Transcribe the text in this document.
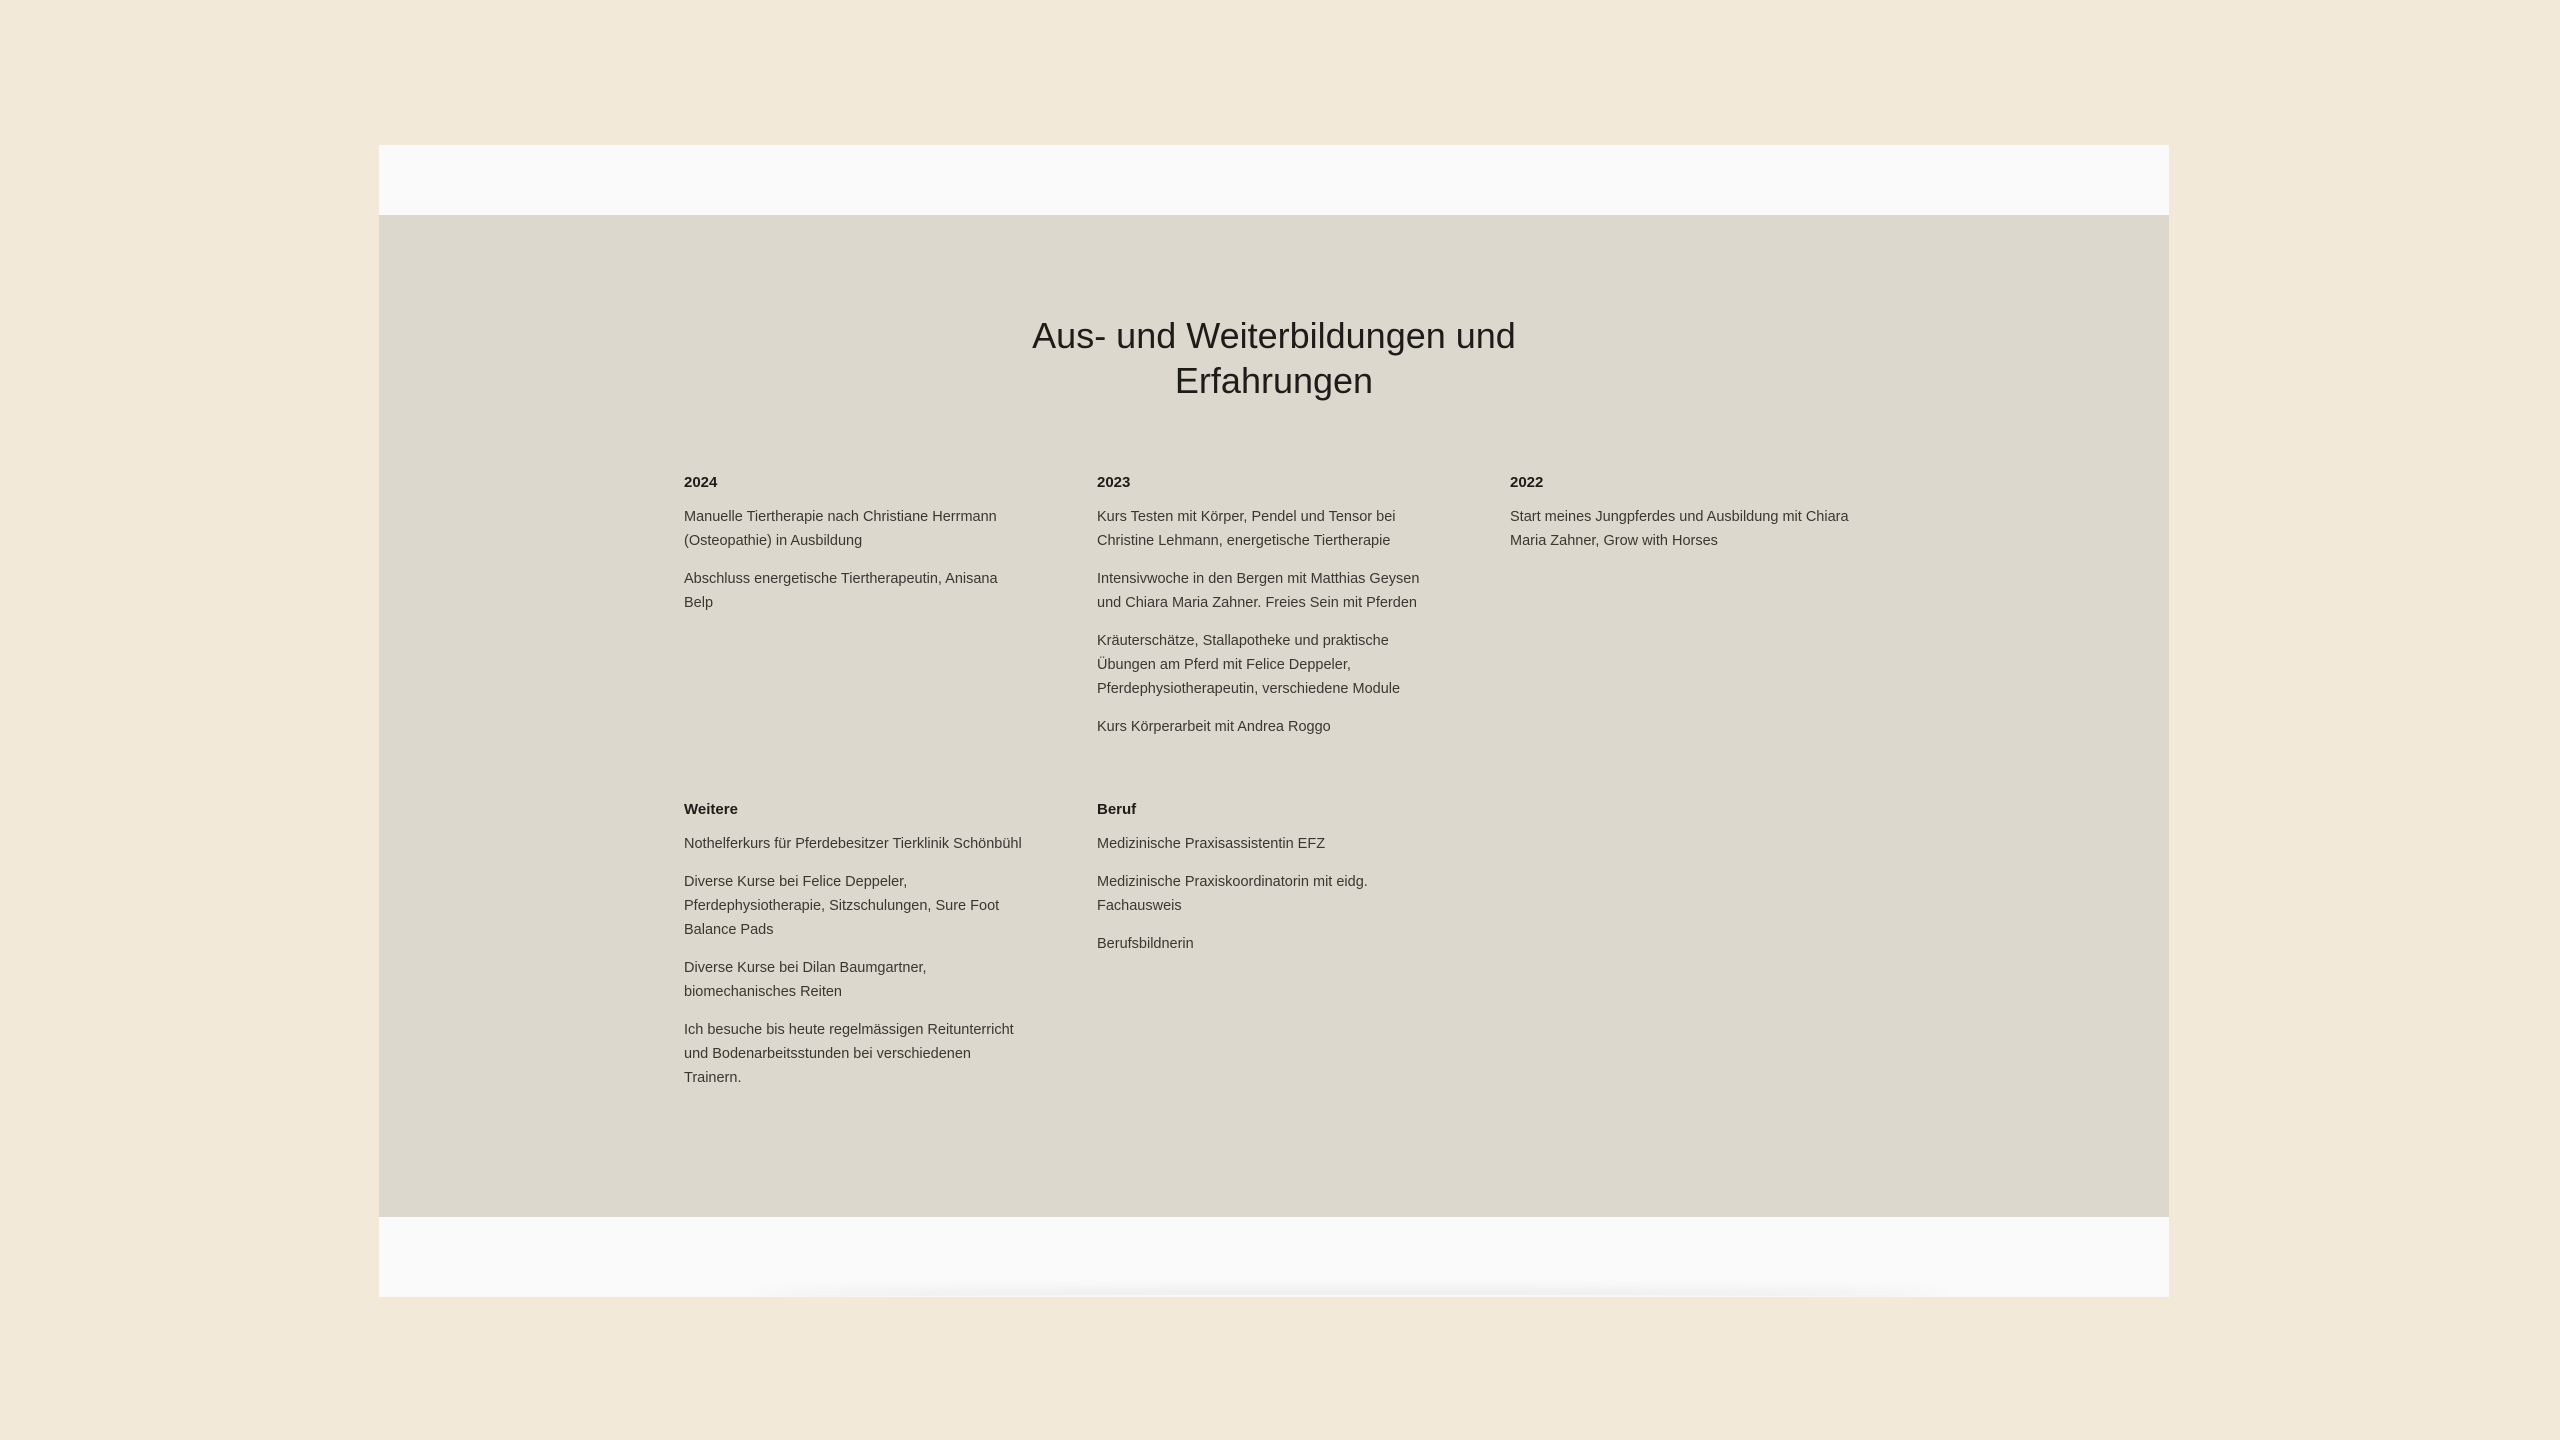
Aus- und Weiterbildungen und
Erfahrungen
2024

Manuelle Tiertherapie nach Christiane Herrmann (Osteopathie) in Ausbildung

Abschluss energetische Tiertherapeutin, Anisana Belp

2023

Kurs Testen mit Körper, Pendel und Tensor bei Christine Lehmann, energetische Tiertherapie

Intensivwoche in den Bergen mit Matthias Geysen und Chiara Maria Zahner. Freies Sein mit Pferden

Kräuterschätze, Stallapotheke und praktische Übungen am Pferd mit Felice Deppeler, Pferdephysiotherapeutin, verschiedene Module

Kurs Körperarbeit mit Andrea Roggo

2022

Start meines Jungpferdes und Ausbildung mit Chiara Maria Zahner, Grow with Horses

Weitere

Nothelferkurs für Pferdebesitzer Tierklinik Schönbühl

Diverse Kurse bei Felice Deppeler, Pferdephysiotherapie, Sitzschulungen, Sure Foot Balance Pads

Diverse Kurse bei Dilan Baumgartner, biomechanisches Reiten

Ich besuche bis heute regelmässigen Reitunterricht und Bodenarbeitsstunden bei verschiedenen Trainern.

Beruf

Medizinische Praxisassistentin EFZ

Medizinische Praxiskoordinatorin mit eidg. Fachausweis

Berufsbildnerin
